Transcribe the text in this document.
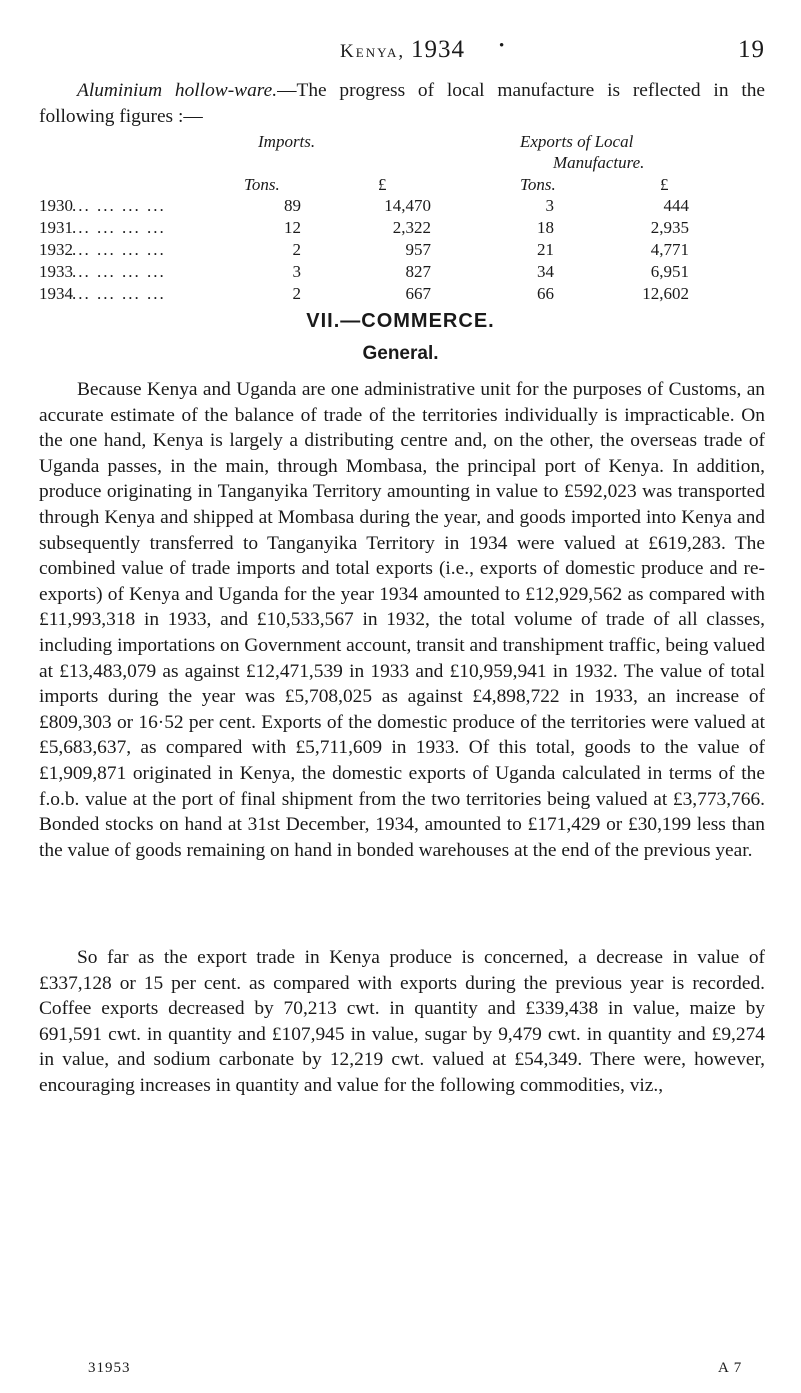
Kenya, 1934	•	19

Aluminium hollow-ware.—The progress of local manufacture is reflected in the following figures :—

Imports.	Exports of Local
Manufacture.
Tons.	£	Tons.	£
1930 ... ... ... ...	89	14,470	3	444
1931 ... ... ... ...	12	2,322	18	2,935
1932 ... ... ... ...	2	957	21	4,771
1933 ... ... ... ...	3	827	34	6,951
1934 ... ... ... ...	2	667	66	12,602
VII.—COMMERCE.
General.

Because Kenya and Uganda are one administrative unit for the purposes of Customs, an accurate estimate of the balance of trade of the territories individually is impracticable. On the one hand, Kenya is largely a distributing centre and, on the other, the overseas trade of Uganda passes, in the main, through Mombasa, the principal port of Kenya. In addition, produce originating in Tanganyika Territory amounting in value to £592,023 was transported through Kenya and shipped at Mombasa during the year, and goods imported into Kenya and subsequently transferred to Tanganyika Territory in 1934 were valued at £619,283. The combined value of trade imports and total exports (i.e., exports of domestic produce and re-exports) of Kenya and Uganda for the year 1934 amounted to £12,929,562 as compared with £11,993,318 in 1933, and £10,533,567 in 1932, the total volume of trade of all classes, including importations on Government account, transit and transhipment traffic, being valued at £13,483,079 as against £12,471,539 in 1933 and £10,959,941 in 1932. The value of total imports during the year was £5,708,025 as against £4,898,722 in 1933, an increase of £809,303 or 16·52 per cent. Exports of the domestic produce of the territories were valued at £5,683,637, as compared with £5,711,609 in 1933. Of this total, goods to the value of £1,909,871 originated in Kenya, the domestic exports of Uganda calculated in terms of the f.o.b. value at the port of final shipment from the two territories being valued at £3,773,766. Bonded stocks on hand at 31st December, 1934, amounted to £171,429 or £30,199 less than the value of goods remaining on hand in bonded warehouses at the end of the previous year.

So far as the export trade in Kenya produce is concerned, a decrease in value of £337,128 or 15 per cent. as compared with exports during the previous year is recorded. Coffee exports decreased by 70,213 cwt. in quantity and £339,438 in value, maize by 691,591 cwt. in quantity and £107,945 in value, sugar by 9,479 cwt. in quantity and £9,274 in value, and sodium carbonate by 12,219 cwt. valued at £54,349. There were, however, encouraging increases in quantity and value for the following commodities, viz.,

31953	A 7
